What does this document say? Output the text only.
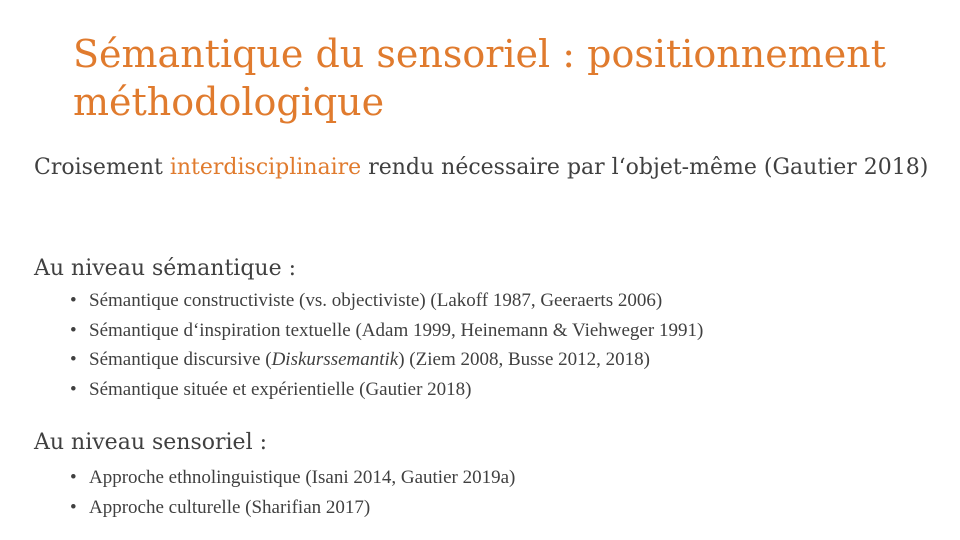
Sémantique du sensoriel : positionnement
méthodologique

Croisement interdisciplinaire rendu nécessaire par l‘objet-même (Gautier 2018)

Au niveau sémantique :

• Sémantique constructiviste (vs. objectiviste) (Lakoff 1987, Geeraerts 2006)
• Sémantique d‘inspiration textuelle (Adam 1999, Heinemann & Viehweger 1991)
• Sémantique discursive (Diskurssemantik) (Ziem 2008, Busse 2012, 2018)
• Sémantique située et expérientielle (Gautier 2018)

Au niveau sensoriel :

• Approche ethnolinguistique (Isani 2014, Gautier 2019a)
• Approche culturelle (Sharifian 2017)
